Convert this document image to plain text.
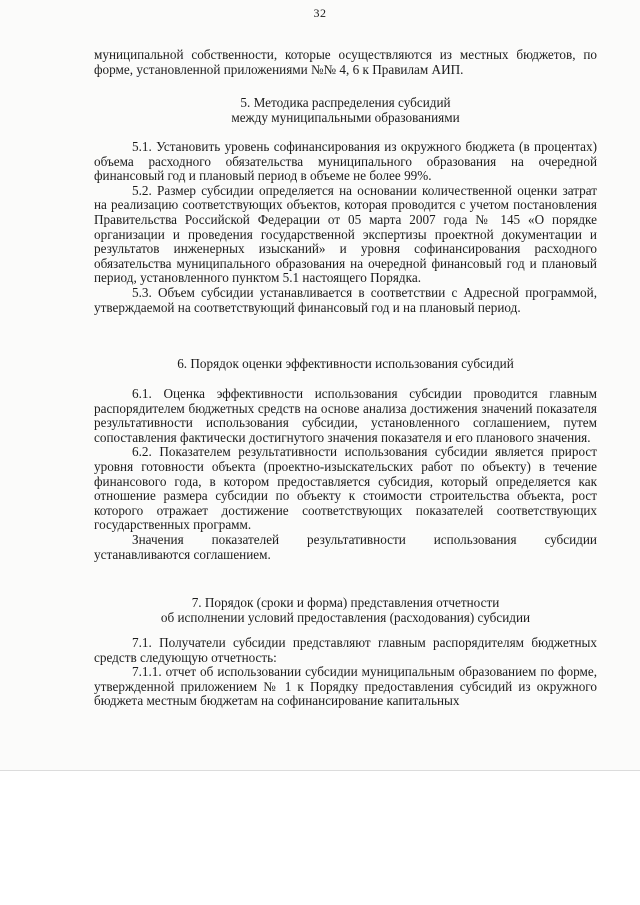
32

муниципальной собственности, которые осуществляются из местных бюджетов, по форме, установленной приложениями №№ 4, 6 к Правилам АИП.

5. Методика распределения субсидий
между муниципальными образованиями

5.1. Установить уровень софинансирования из окружного бюджета (в процентах) объема расходного обязательства муниципального образования на очередной финансовый год и плановый период в объеме не более 99%.

5.2. Размер субсидии определяется на основании количественной оценки затрат на реализацию соответствующих объектов, которая проводится с учетом постановления Правительства Российской Федерации от 05 марта 2007 года № 145 «О порядке организации и проведения государственной экспертизы проектной документации и результатов инженерных изысканий» и уровня софинансирования расходного обязательства муниципального образования на очередной финансовый год и плановый период, установленного пунктом 5.1 настоящего Порядка.

5.3. Объем субсидии устанавливается в соответствии с Адресной программой, утверждаемой на соответствующий финансовый год и на плановый период.

6. Порядок оценки эффективности использования субсидий

6.1. Оценка эффективности использования субсидии проводится главным распорядителем бюджетных средств на основе анализа достижения значений показателя результативности использования субсидии, установленного соглашением, путем сопоставления фактически достигнутого значения показателя и его планового значения.

6.2. Показателем результативности использования субсидии является прирост уровня готовности объекта (проектно-изыскательских работ по объекту) в течение финансового года, в котором предоставляется субсидия, который определяется как отношение размера субсидии по объекту к стоимости строительства объекта, рост которого отражает достижение соответствующих показателей соответствующих государственных программ.

Значения показателей результативности использования субсидии устанавливаются соглашением.

7. Порядок (сроки и форма) представления отчетности
об исполнении условий предоставления (расходования) субсидии

7.1. Получатели субсидии представляют главным распорядителям бюджетных средств следующую отчетность:

7.1.1. отчет об использовании субсидии муниципальным образованием по форме, утвержденной приложением № 1 к Порядку предоставления субсидий из окружного бюджета местным бюджетам на софинансирование капитальных
